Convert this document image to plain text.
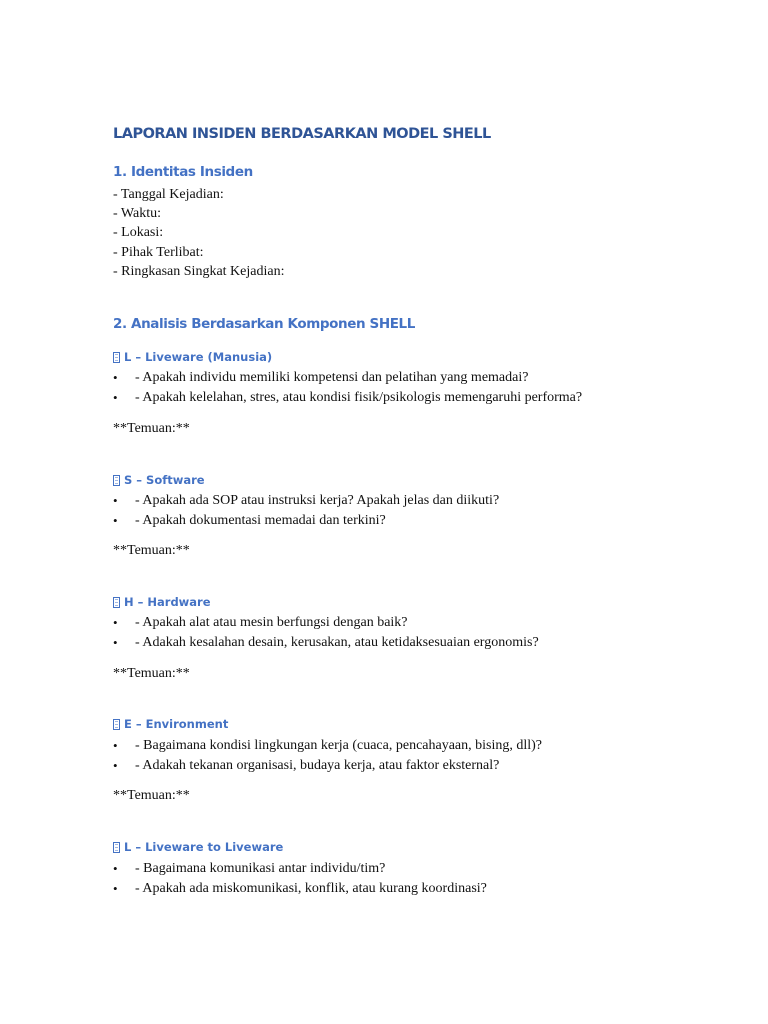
LAPORAN INSIDEN BERDASARKAN MODEL SHELL
1. Identitas Insiden
- Tanggal Kejadian:
- Waktu:
- Lokasi:
- Pihak Terlibat:
- Ringkasan Singkat Kejadian:
2. Analisis Berdasarkan Komponen SHELL
L – Liveware (Manusia)
•	- Apakah individu memiliki kompetensi dan pelatihan yang memadai?
•	- Apakah kelelahan, stres, atau kondisi fisik/psikologis memengaruhi performa?

**Temuan:**

S – Software
•	- Apakah ada SOP atau instruksi kerja? Apakah jelas dan diikuti?
•	- Apakah dokumentasi memadai dan terkini?

**Temuan:**

H – Hardware
•	- Apakah alat atau mesin berfungsi dengan baik?
•	- Adakah kesalahan desain, kerusakan, atau ketidaksesuaian ergonomis?

**Temuan:**

E – Environment
•	- Bagaimana kondisi lingkungan kerja (cuaca, pencahayaan, bising, dll)?
•	- Adakah tekanan organisasi, budaya kerja, atau faktor eksternal?

**Temuan:**

L – Liveware to Liveware
•	- Bagaimana komunikasi antar individu/tim?
•	- Apakah ada miskomunikasi, konflik, atau kurang koordinasi?
